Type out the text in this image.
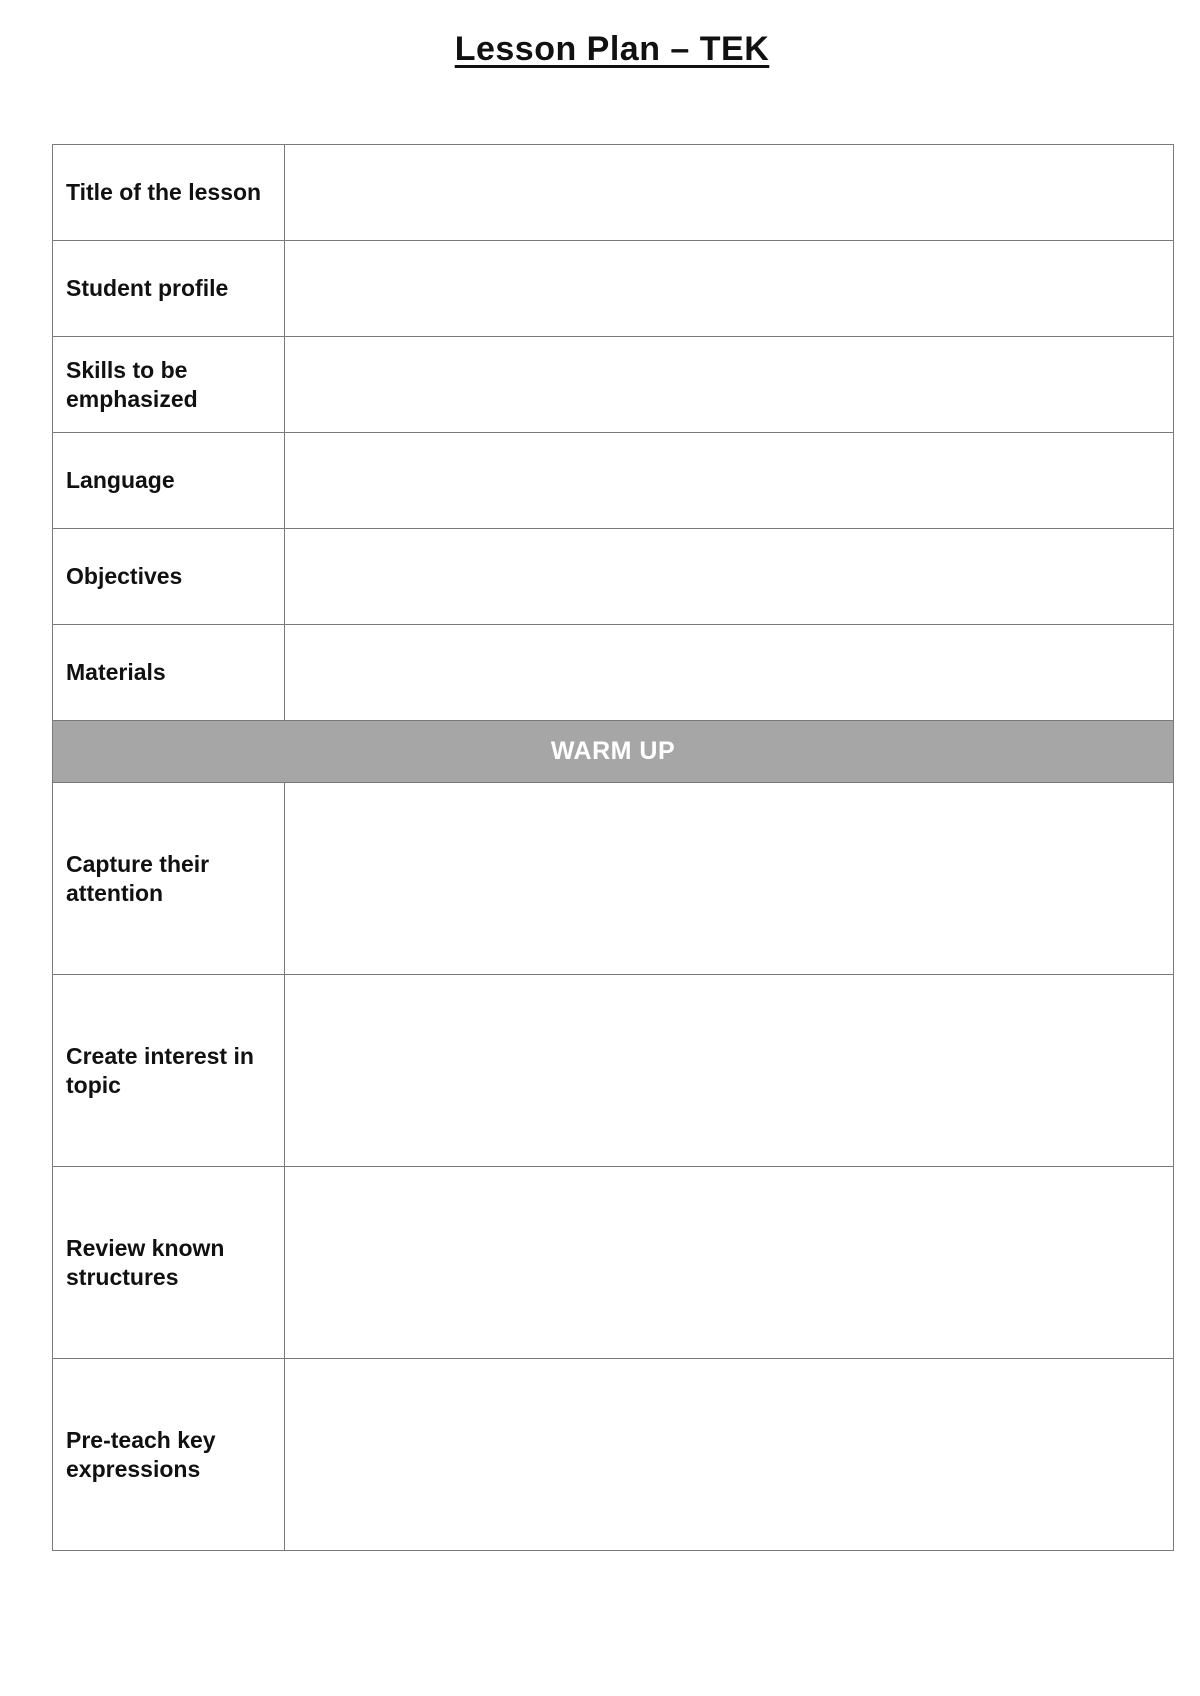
Lesson Plan – TEK
Title of the lesson	
Student profile	
Skills to be emphasized	
Language	
Objectives	
Materials	
WARM UP	
Capture their attention	
Create interest in topic	
Review known structures	
Pre-teach key expressions	
